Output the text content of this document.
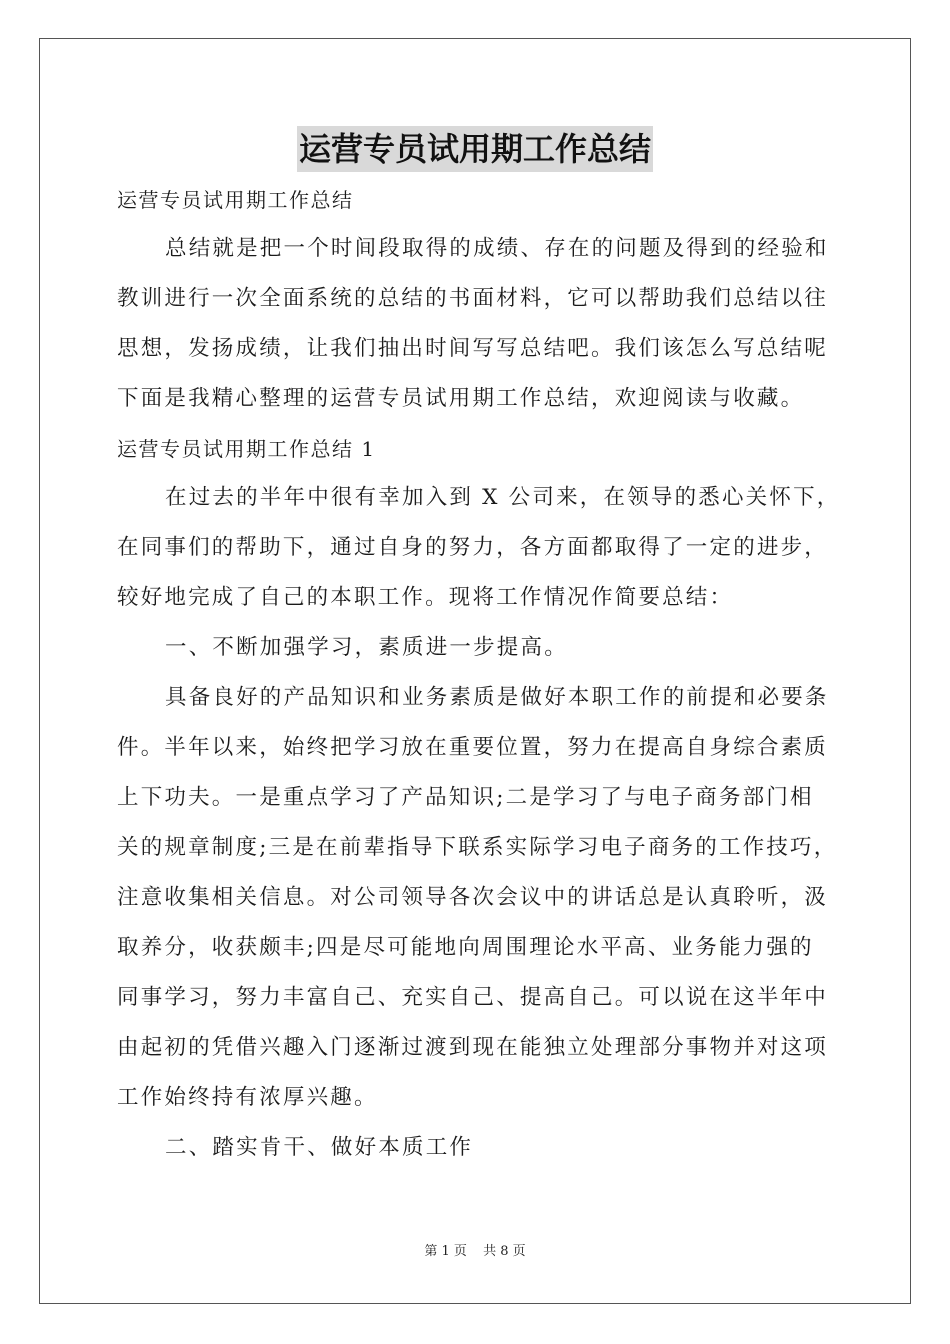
运营专员试用期工作总结
运营专员试用期工作总结
总结就是把一个时间段取得的成绩、存在的问题及得到的经验和
教训进行一次全面系统的总结的书面材料，它可以帮助我们总结以往
思想，发扬成绩，让我们抽出时间写写总结吧。我们该怎么写总结呢
下面是我精心整理的运营专员试用期工作总结，欢迎阅读与收藏。
运营专员试用期工作总结 1
在过去的半年中很有幸加入到 X 公司来，在领导的悉心关怀下，
在同事们的帮助下，通过自身的努力，各方面都取得了一定的进步，
较好地完成了自己的本职工作。现将工作情况作简要总结：
一、不断加强学习，素质进一步提高。
具备良好的产品知识和业务素质是做好本职工作的前提和必要条
件。半年以来，始终把学习放在重要位置，努力在提高自身综合素质
上下功夫。一是重点学习了产品知识;二是学习了与电子商务部门相
关的规章制度;三是在前辈指导下联系实际学习电子商务的工作技巧，
注意收集相关信息。对公司领导各次会议中的讲话总是认真聆听，汲
取养分，收获颇丰;四是尽可能地向周围理论水平高、业务能力强的
同事学习，努力丰富自己、充实自己、提高自己。可以说在这半年中
由起初的凭借兴趣入门逐渐过渡到现在能独立处理部分事物并对这项
工作始终持有浓厚兴趣。
二、踏实肯干、做好本质工作
第 1 页 共 8 页
